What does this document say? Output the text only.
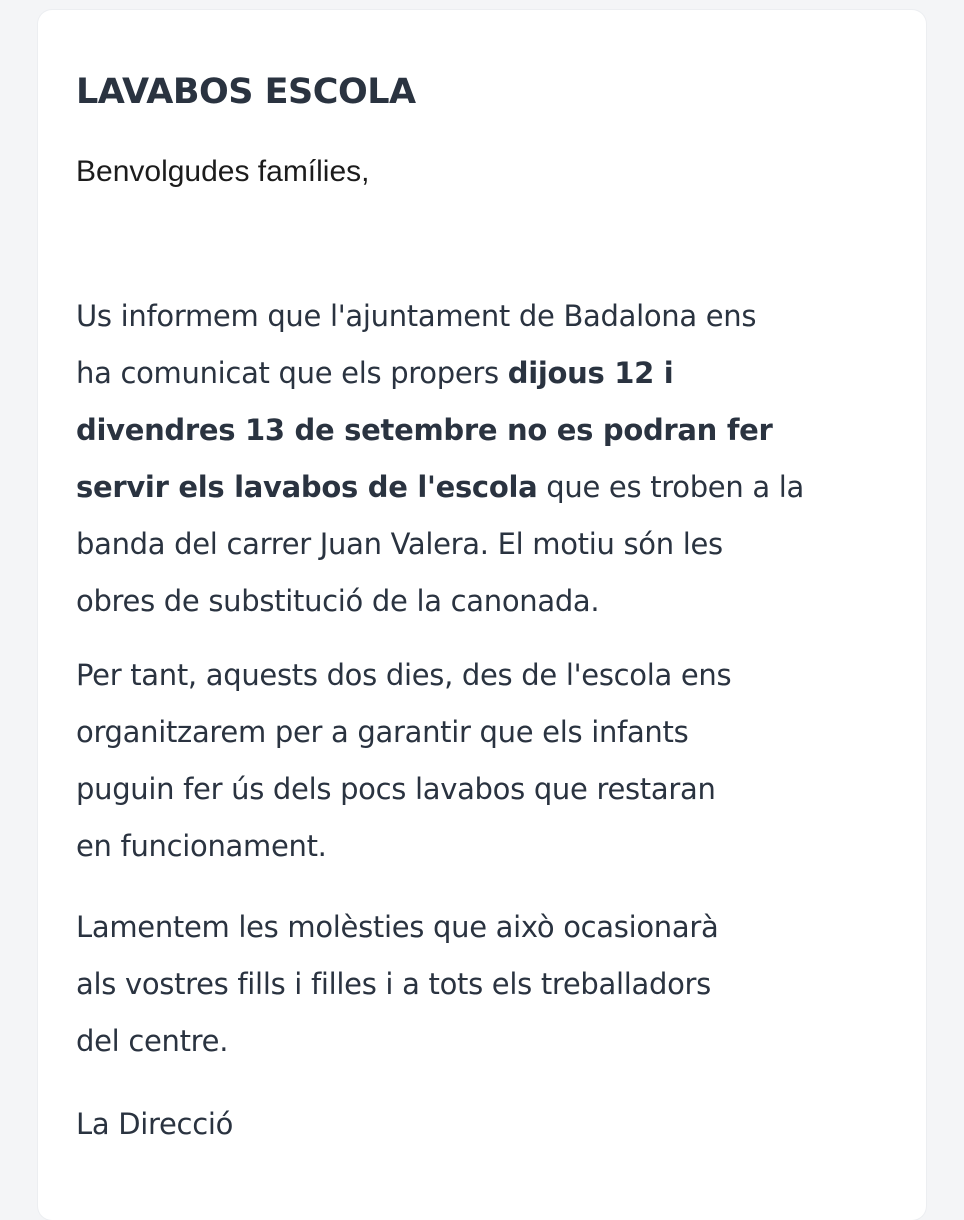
LAVABOS ESCOLA

Benvolgudes famílies,

Us informem que l'ajuntament de Badalona ens
ha comunicat que els propers dijous 12 i
divendres 13 de setembre no es podran fer
servir els lavabos de l'escola que es troben a la
banda del carrer Juan Valera. El motiu són les
obres de substitució de la canonada.

Per tant, aquests dos dies, des de l'escola ens
organitzarem per a garantir que els infants
puguin fer ús dels pocs lavabos que restaran
en funcionament.

Lamentem les molèsties que això ocasionarà
als vostres fills i filles i a tots els treballadors
del centre.

La Direcció
